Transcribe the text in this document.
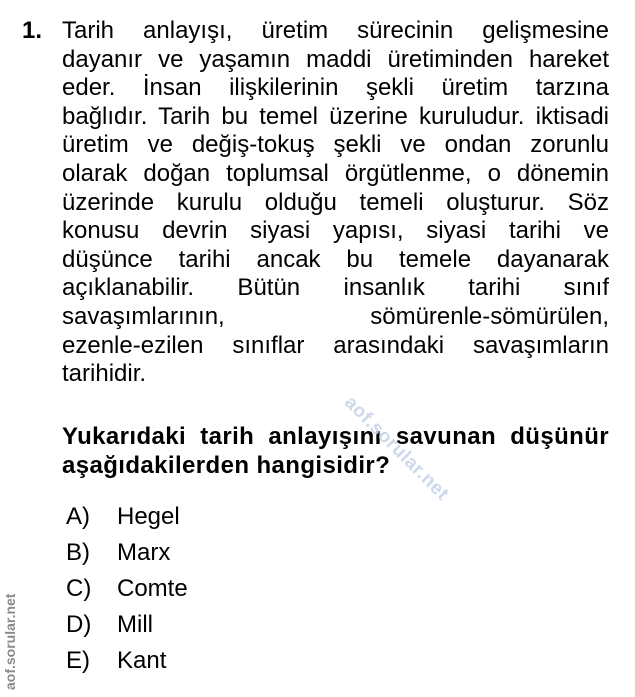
1. Tarih anlayışı, üretim sürecinin gelişmesine
dayanır ve yaşamın maddi üretiminden hareket
eder. İnsan ilişkilerinin şekli üretim tarzına
bağlıdır. Tarih bu temel üzerine kuruludur. iktisadi
üretim ve değiş-tokuş şekli ve ondan zorunlu
olarak doğan toplumsal örgütlenme, o dönemin
üzerinde kurulu olduğu temeli oluşturur. Söz
konusu devrin siyasi yapısı, siyasi tarihi ve
düşünce tarihi ancak bu temele dayanarak
açıklanabilir. Bütün insanlık tarihi sınıf
savaşımlarının, sömürenle-sömürülen,
ezenle-ezilen sınıflar arasındaki savaşımların
tarihidir.
Yukarıdaki tarih anlayışını savunan düşünür
aşağıdakilerden hangisidir?
A)	Hegel
B)	Marx
C)	Comte
D)	Mill
E)	Kant
aof.sorular.net
aof.sorular.net
